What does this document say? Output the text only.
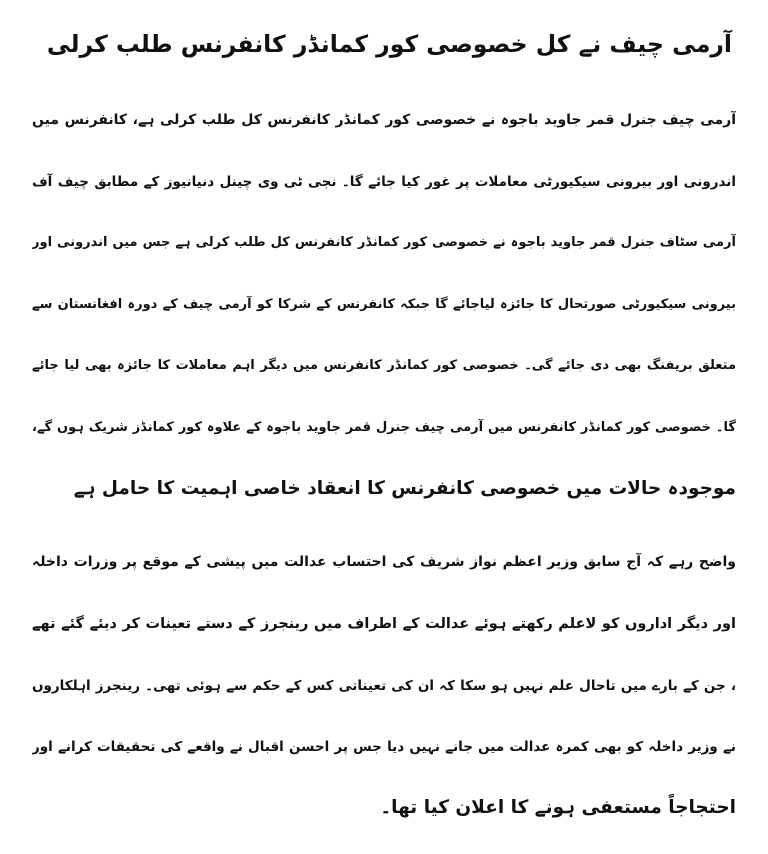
آرمی چیف نے کل خصوصی کور کمانڈر کانفرنس طلب کرلی
آرمی چیف جنرل قمر جاوید باجوہ نے خصوصی کور کمانڈر کانفرنس کل طلب کرلی ہے، کانفرنس میں
اندرونی اور بیرونی سیکیورٹی معاملات پر غور کیا جائے گا۔ نجی ٹی وی چینل دنیانیوز کے مطابق چیف آف
آرمی سٹاف جنرل قمر جاوید باجوہ نے خصوصی کور کمانڈر کانفرنس کل طلب کرلی ہے جس میں اندرونی اور
بیرونی سیکیورٹی صورتحال کا جائزہ لیاجائے گا جبکہ کانفرنس کے شرکا کو آرمی چیف کے دورہ افغانستان سے
متعلق بریفنگ بھی دی جائے گی۔ خصوصی کور کمانڈر کانفرنس میں دیگر اہم معاملات کا جائزہ بھی لیا جائے
گا۔ خصوصی کور کمانڈر کانفرنس میں آرمی چیف جنرل قمر جاوید باجوہ کے علاوہ کور کمانڈز شریک ہوں گے،
موجودہ حالات میں خصوصی کانفرنس کا انعقاد خاصی اہمیت کا حامل ہے
واضح رہے کہ آج سابق وزیر اعظم نواز شریف کی احتساب عدالت میں پیشی کے موقع پر وزرات داخلہ
اور دیگر اداروں کو لاعلم رکھتے ہوئے عدالت کے اطراف میں رینجرز کے دستے تعینات کر دیئے گئے تھے
، جن کے بارے میں تاحال علم نہیں ہو سکا کہ ان کی تعیناتی کس کے حکم سے ہوئی تھی۔ رینجرز اہلکاروں
نے وزیر داخلہ کو بھی کمرہ عدالت میں جانے نہیں دیا جس پر احسن اقبال نے واقعے کی تحقیقات کرانے اور
احتجاجاً مستعفی ہونے کا اعلان کیا تھا۔
